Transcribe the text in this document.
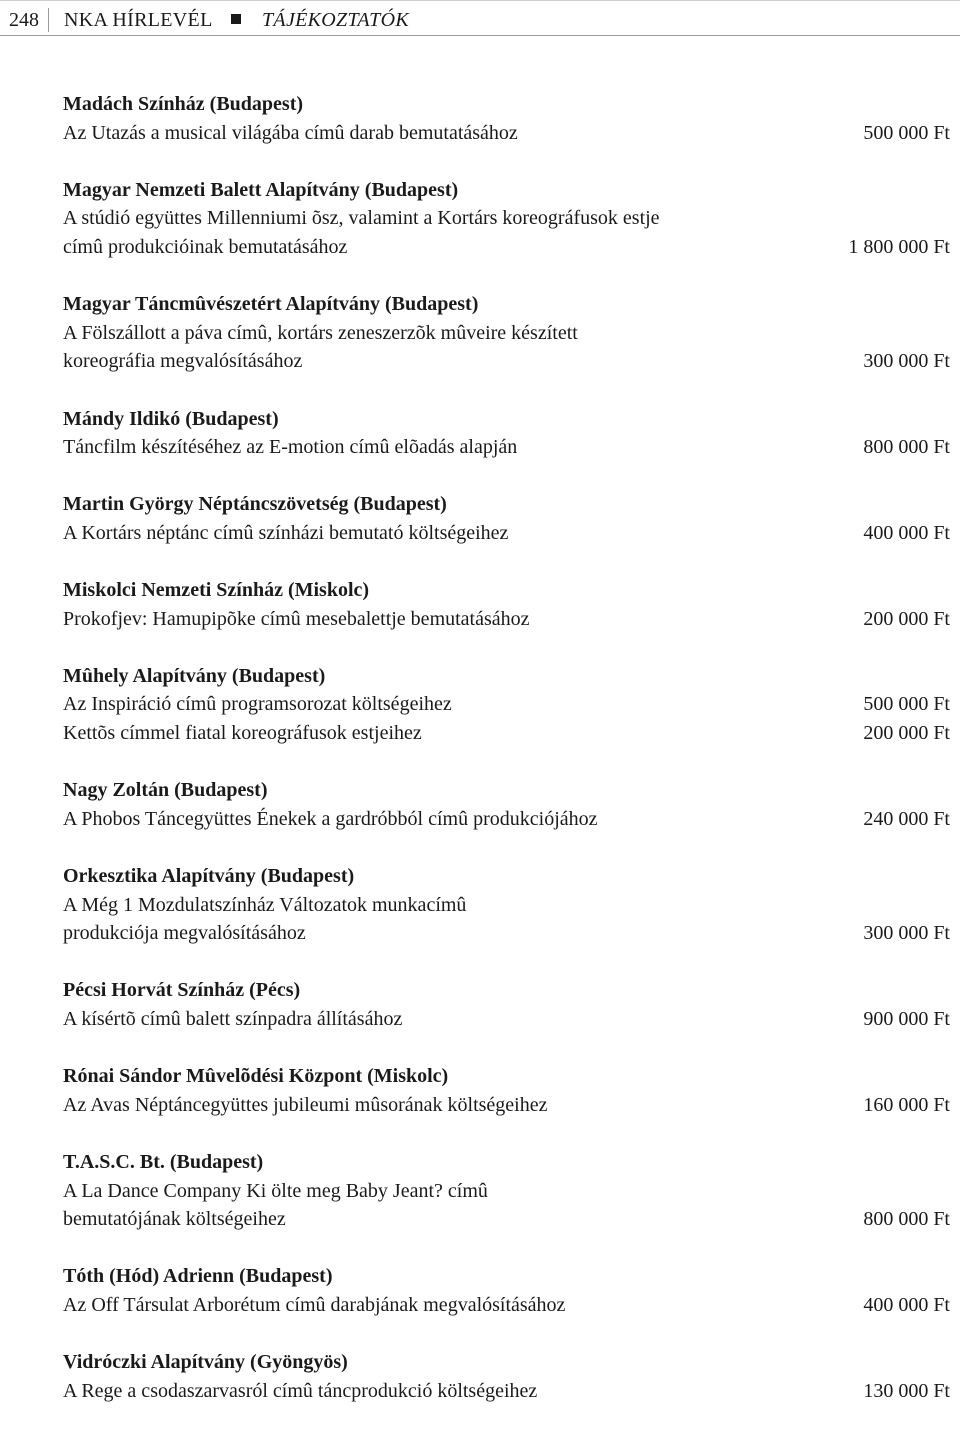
248	NKA HÍRLEVÉL TÁJÉKOZTATÓK
Madách Színház (Budapest)
Az Utazás a musical világába címû darab bemutatásához	500 000 Ft
Magyar Nemzeti Balett Alapítvány (Budapest)
A stúdió együttes Millenniumi õsz, valamint a Kortárs koreográfusok estje
címû produkcióinak bemutatásához	1 800 000 Ft
Magyar Táncmûvészetért Alapítvány (Budapest)
A Fölszállott a páva címû, kortárs zeneszerzõk mûveire készített
koreográfia megvalósításához	300 000 Ft
Mándy Ildikó (Budapest)
Táncfilm készítéséhez az E-motion címû elõadás alapján	800 000 Ft
Martin György Néptáncszövetség (Budapest)
A Kortárs néptánc címû színházi bemutató költségeihez	400 000 Ft
Miskolci Nemzeti Színház (Miskolc)
Prokofjev: Hamupipõke címû mesebalettje bemutatásához	200 000 Ft
Mûhely Alapítvány (Budapest)
Az Inspiráció címû programsorozat költségeihez	500 000 Ft
Kettõs címmel fiatal koreográfusok estjeihez	200 000 Ft
Nagy Zoltán (Budapest)
A Phobos Táncegyüttes Énekek a gardróbból címû produkciójához	240 000 Ft
Orkesztika Alapítvány (Budapest)
A Még 1 Mozdulatszínház Változatok munkacímû
produkciója megvalósításához	300 000 Ft
Pécsi Horvát Színház (Pécs)
A kísértõ címû balett színpadra állításához	900 000 Ft
Rónai Sándor Mûvelõdési Központ (Miskolc)
Az Avas Néptáncegyüttes jubileumi mûsorának költségeihez	160 000 Ft
T.A.S.C. Bt. (Budapest)
A La Dance Company Ki ölte meg Baby Jeant? címû
bemutatójának költségeihez	800 000 Ft
Tóth (Hód) Adrienn (Budapest)
Az Off Társulat Arborétum címû darabjának megvalósításához	400 000 Ft
Vidróczki Alapítvány (Gyöngyös)
A Rege a csodaszarvasról címû táncprodukció költségeihez	130 000 Ft
